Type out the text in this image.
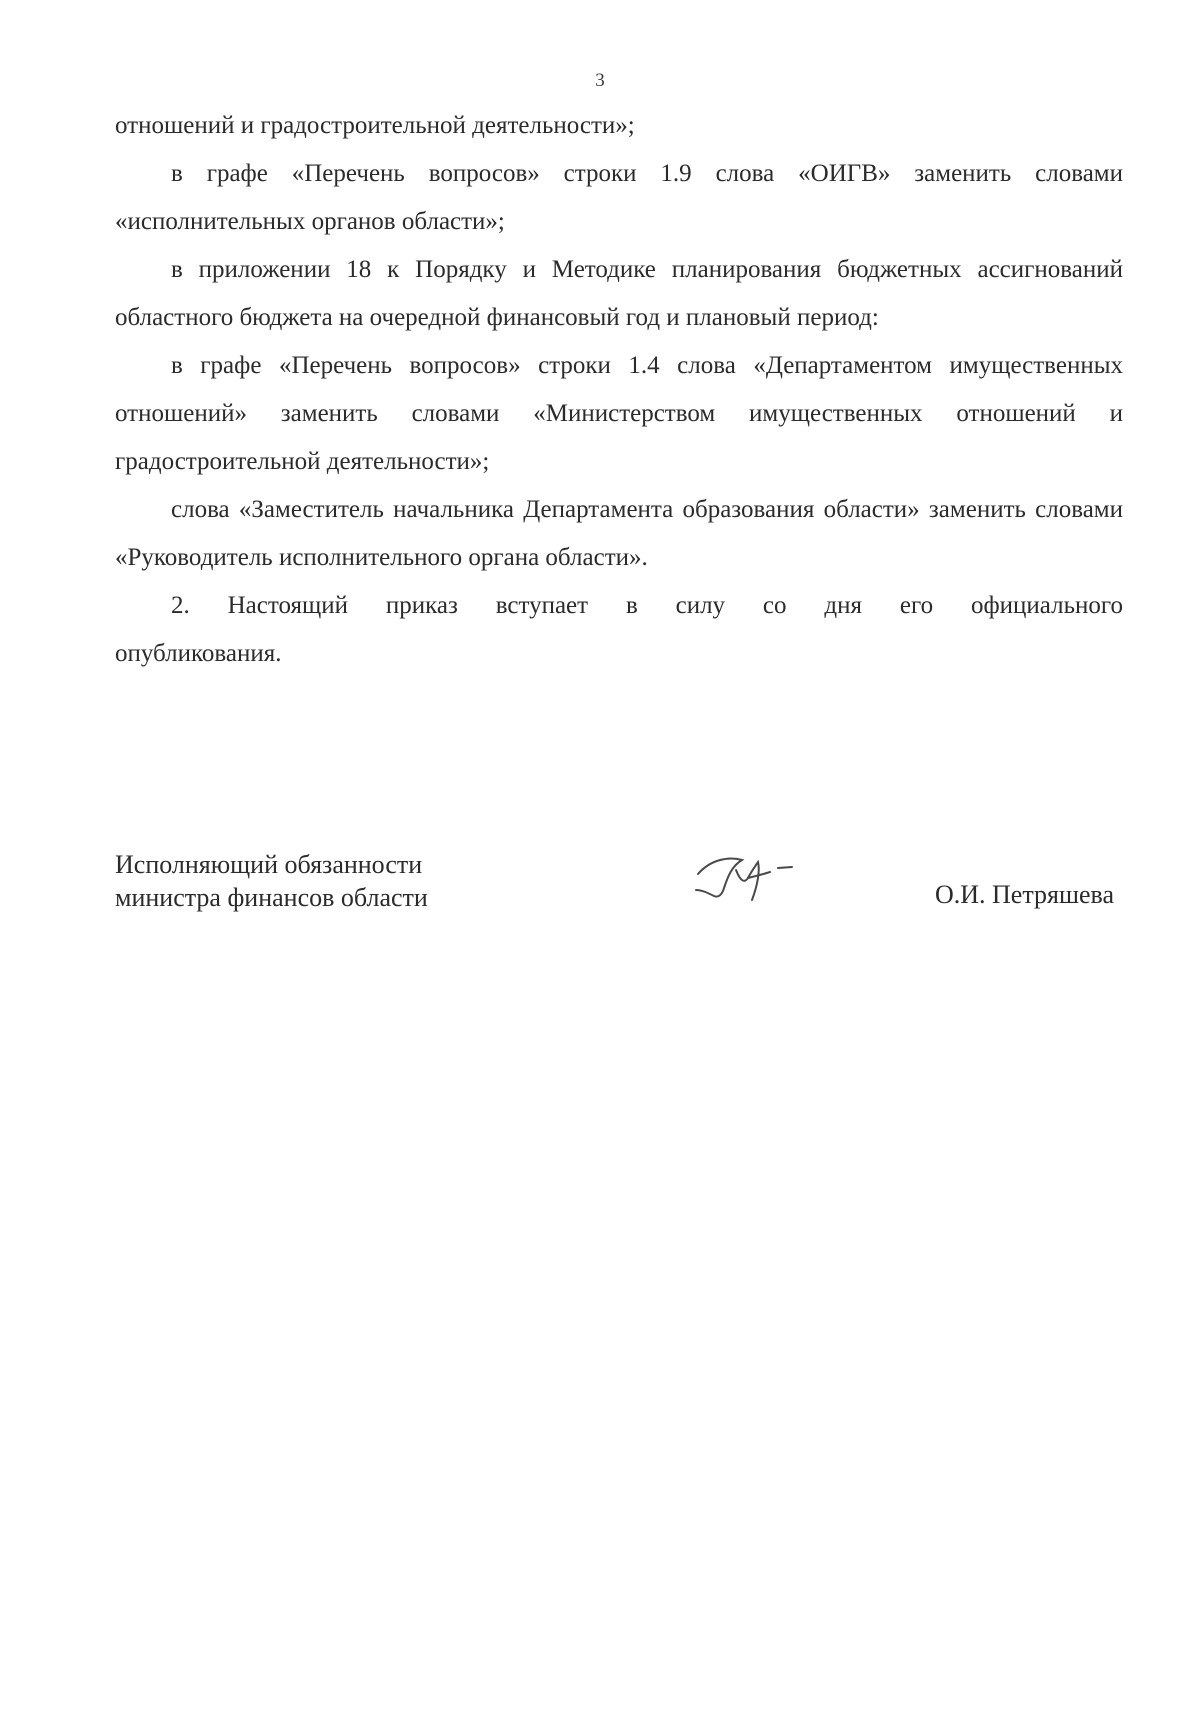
3

отношений и градостроительной деятельности»;

в графе «Перечень вопросов» строки 1.9 слова «ОИГВ» заменить словами «исполнительных органов области»;

в приложении 18 к Порядку и Методике планирования бюджетных ассигнований областного бюджета на очередной финансовый год и плановый период:

в графе «Перечень вопросов» строки 1.4 слова «Департаментом имущественных отношений» заменить словами «Министерством имущественных отношений и градостроительной деятельности»;

слова «Заместитель начальника Департамента образования области» заменить словами «Руководитель исполнительного органа области».

2. Настоящий приказ вступает в силу со дня его официального опубликования.

Исполняющий обязанности
министра финансов области	О.И. Петряшева
